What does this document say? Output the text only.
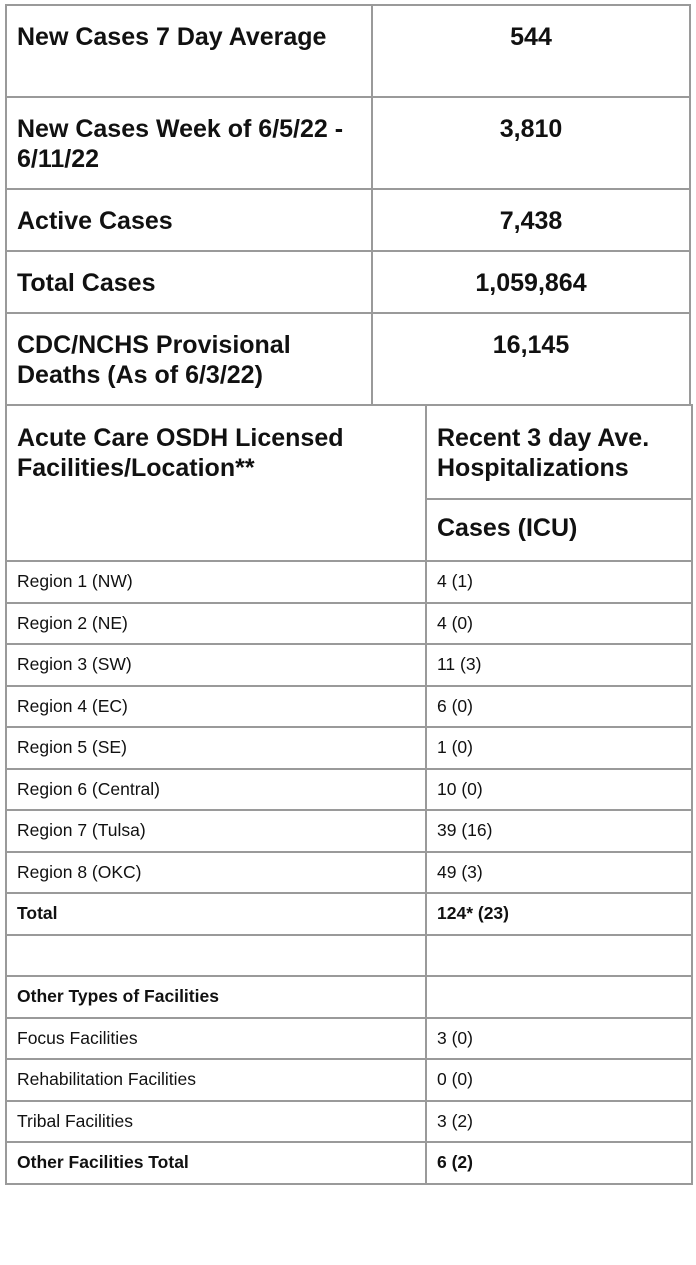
New Cases 7 Day Average	544
New Cases Week of 6/5/22 - 6/11/22	3,810
Active Cases	7,438
Total Cases	1,059,864
CDC/NCHS Provisional Deaths (As of 6/3/22)	16,145
Acute Care OSDH Licensed Facilities/Location**	Recent 3 day Ave. Hospitalizations
	Cases (ICU)
Region 1 (NW)	4 (1)
Region 2 (NE)	4 (0)
Region 3 (SW)	11 (3)
Region 4 (EC)	6 (0)
Region 5 (SE)	1 (0)
Region 6 (Central)	10 (0)
Region 7 (Tulsa)	39 (16)
Region 8 (OKC)	49 (3)
Total	124* (23)

Other Types of Facilities	
Focus Facilities	3 (0)
Rehabilitation Facilities	0 (0)
Tribal Facilities	3 (2)
Other Facilities Total	6 (2)
